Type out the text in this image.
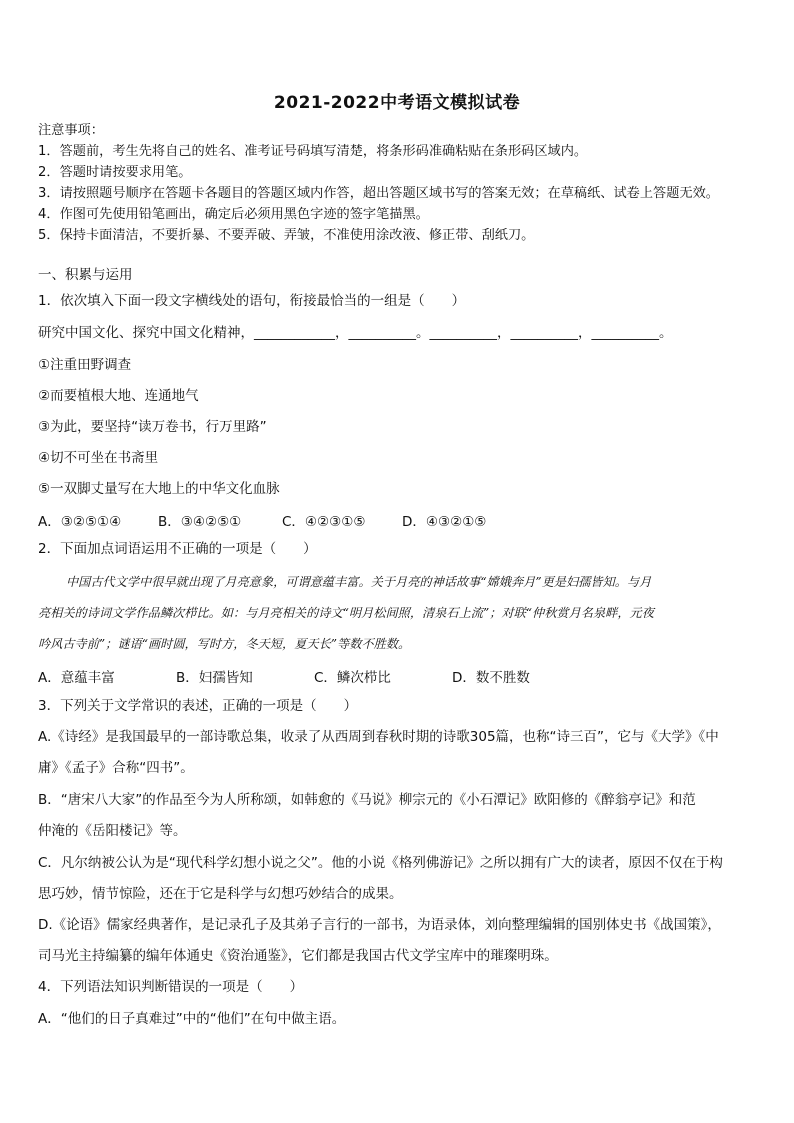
2021-2022中考语文模拟试卷
注意事项：
1．答题前，考生先将自己的姓名、准考证号码填写清楚，将条形码准确粘贴在条形码区域内。
2．答题时请按要求用笔。
3．请按照题号顺序在答题卡各题目的答题区域内作答，超出答题区域书写的答案无效；在草稿纸、试卷上答题无效。
4．作图可先使用铅笔画出，确定后必须用黑色字迹的签字笔描黑。
5．保持卡面清洁，不要折暴、不要弄破、弄皱，不准使用涂改液、修正带、刮纸刀。
一、积累与运用
1．依次填入下面一段文字横线处的语句，衔接最恰当的一组是（　　）
研究中国文化、探究中国文化精神，____________，__________。__________，__________，__________。
①注重田野调查
②而要植根大地、连通地气
③为此，要坚持“读万卷书，行万里路”
④切不可坐在书斋里
⑤一双脚丈量写在大地上的中华文化血脉
A．③②⑤①④	B．③④②⑤①	C．④②③①⑤	D．④③②①⑤
2．下面加点词语运用不正确的一项是（　　）
中国古代文学中很早就出现了月亮意象，可谓意蕴丰富。关于月亮的神话故事“嫦娥奔月”更是妇孺皆知。与月
亮相关的诗词文学作品鳞次栉比。如：与月亮相关的诗文“明月松间照，清泉石上流”；对联“仲秋赏月名泉畔，元夜
吟风古寺前”；谜语“画时圆，写时方，冬天短，夏天长”等数不胜数。
A．意蕴丰富	B．妇孺皆知	C．鳞次栉比	D．数不胜数
3．下列关于文学常识的表述，正确的一项是（　　）
A.《诗经》是我国最早的一部诗歌总集，收录了从西周到春秋时期的诗歌305篇，也称“诗三百”，它与《大学》《中
庸》《孟子》合称“四书”。
B．“唐宋八大家”的作品至今为人所称颂，如韩愈的《马说》柳宗元的《小石潭记》欧阳修的《醉翁亭记》和范
仲淹的《岳阳楼记》等。
C．凡尔纳被公认为是“现代科学幻想小说之父”。他的小说《格列佛游记》之所以拥有广大的读者，原因不仅在于构
思巧妙，情节惊险，还在于它是科学与幻想巧妙结合的成果。
D.《论语》儒家经典著作，是记录孔子及其弟子言行的一部书，为语录体，刘向整理编辑的国别体史书《战国策》，
司马光主持编纂的编年体通史《资治通鉴》，它们都是我国古代文学宝库中的璀璨明珠。
4．下列语法知识判断错误的一项是（　　）
A．“他们的日子真难过”中的“他们”在句中做主语。
